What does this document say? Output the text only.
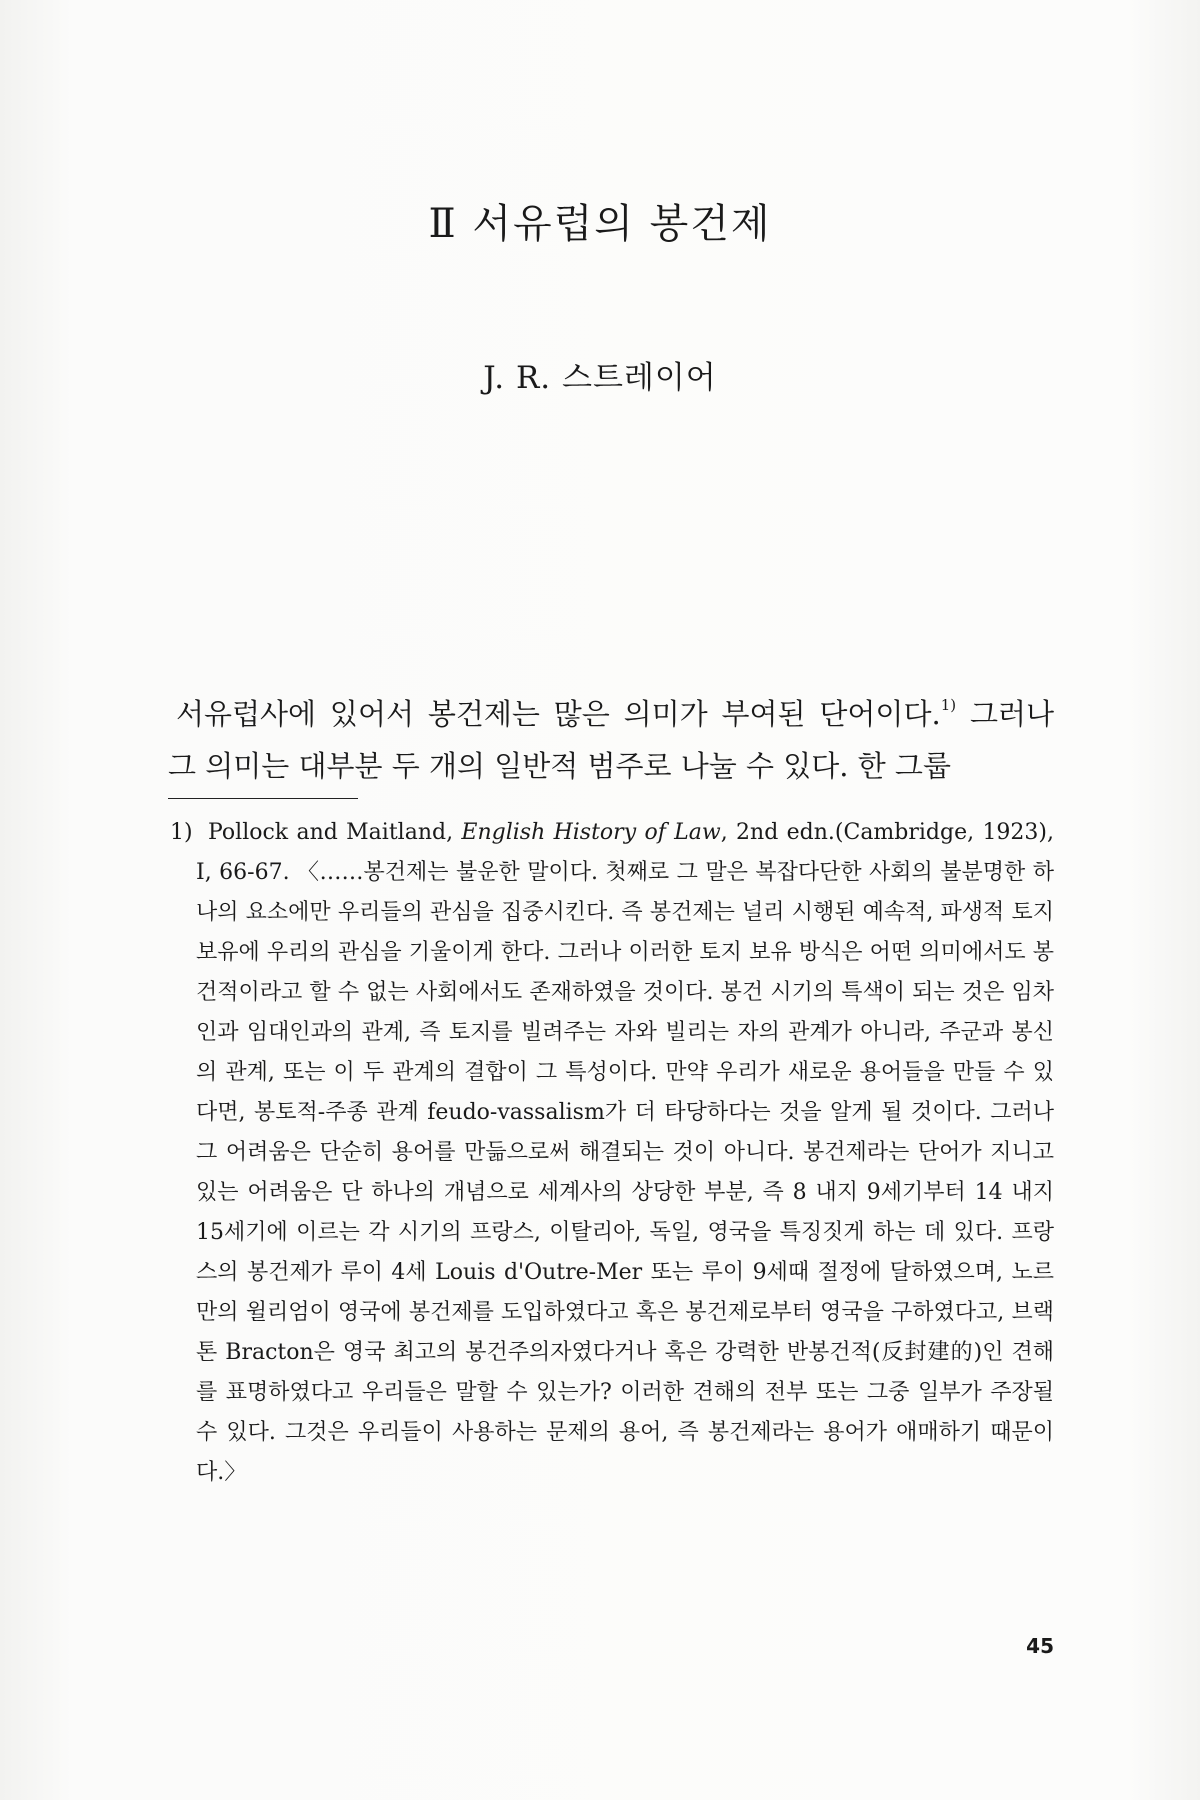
Ⅱ 서유럽의 봉건제
J. R. 스트레이어

서유럽사에 있어서 봉건제는 많은 의미가 부여된 단어이다.$^{1)}$ 그러나 그 의미는 대부분 두 개의 일반적 범주로 나눌 수 있다. 한 그룹

1) Pollock and Maitland, English History of Law, 2nd edn.(Cambridge, 1923), I, 66-67. 〈……봉건제는 불운한 말이다. 첫째로 그 말은 복잡다단한 사회의 불분명한 하나의 요소에만 우리들의 관심을 집중시킨다. 즉 봉건제는 널리 시행된 예속적, 파생적 토지 보유에 우리의 관심을 기울이게 한다. 그러나 이러한 토지 보유 방식은 어떤 의미에서도 봉건적이라고 할 수 없는 사회에서도 존재하였을 것이다. 봉건 시기의 특색이 되는 것은 임차인과 임대인과의 관계, 즉 토지를 빌려주는 자와 빌리는 자의 관계가 아니라, 주군과 봉신의 관계, 또는 이 두 관계의 결합이 그 특성이다. 만약 우리가 새로운 용어들을 만들 수 있다면, 봉토적-주종 관계 feudo-vassalism가 더 타당하다는 것을 알게 될 것이다. 그러나 그 어려움은 단순히 용어를 만듦으로써 해결되는 것이 아니다. 봉건제라는 단어가 지니고 있는 어려움은 단 하나의 개념으로 세계사의 상당한 부분, 즉 8 내지 9세기부터 14 내지 15세기에 이르는 각 시기의 프랑스, 이탈리아, 독일, 영국을 특징짓게 하는 데 있다. 프랑스의 봉건제가 루이 4세 Louis d'Outre-Mer 또는 루이 9세때 절정에 달하였으며, 노르만의 윌리엄이 영국에 봉건제를 도입하였다고 혹은 봉건제로부터 영국을 구하였다고, 브랙톤 Bracton은 영국 최고의 봉건주의자였다거나 혹은 강력한 반봉건적(反封建的)인 견해를 표명하였다고 우리들은 말할 수 있는가? 이러한 견해의 전부 또는 그중 일부가 주장될 수 있다. 그것은 우리들이 사용하는 문제의 용어, 즉 봉건제라는 용어가 애매하기 때문이다.〉

45
